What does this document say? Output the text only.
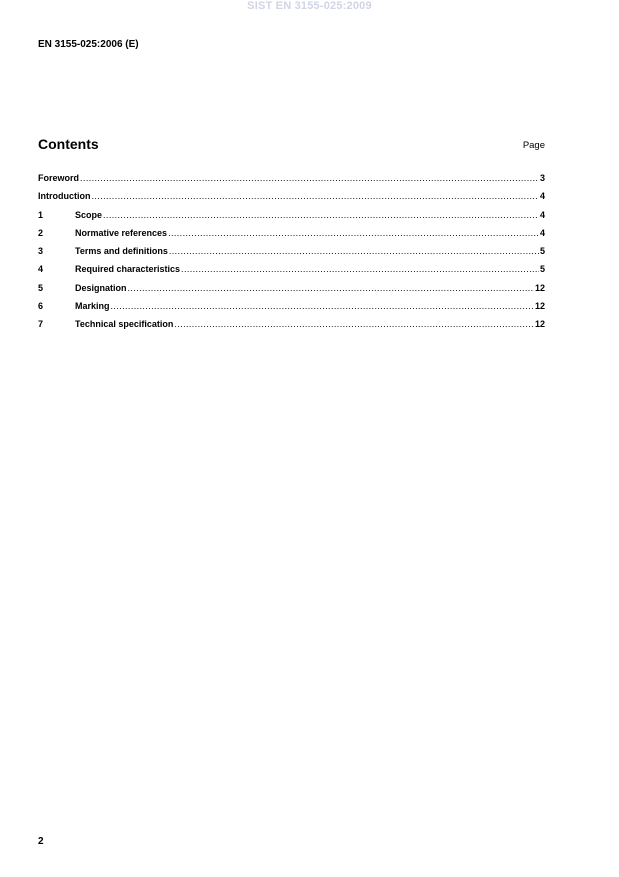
SIST EN 3155-025:2009
EN 3155-025:2006 (E)
Contents	Page
Foreword .....	3
Introduction .....	4
1	Scope .....	4
2	Normative references .....	4
3	Terms and definitions .....	5
4	Required characteristics .....	5
5	Designation .....	12
6	Marking .....	12
7	Technical specification .....	12
2
